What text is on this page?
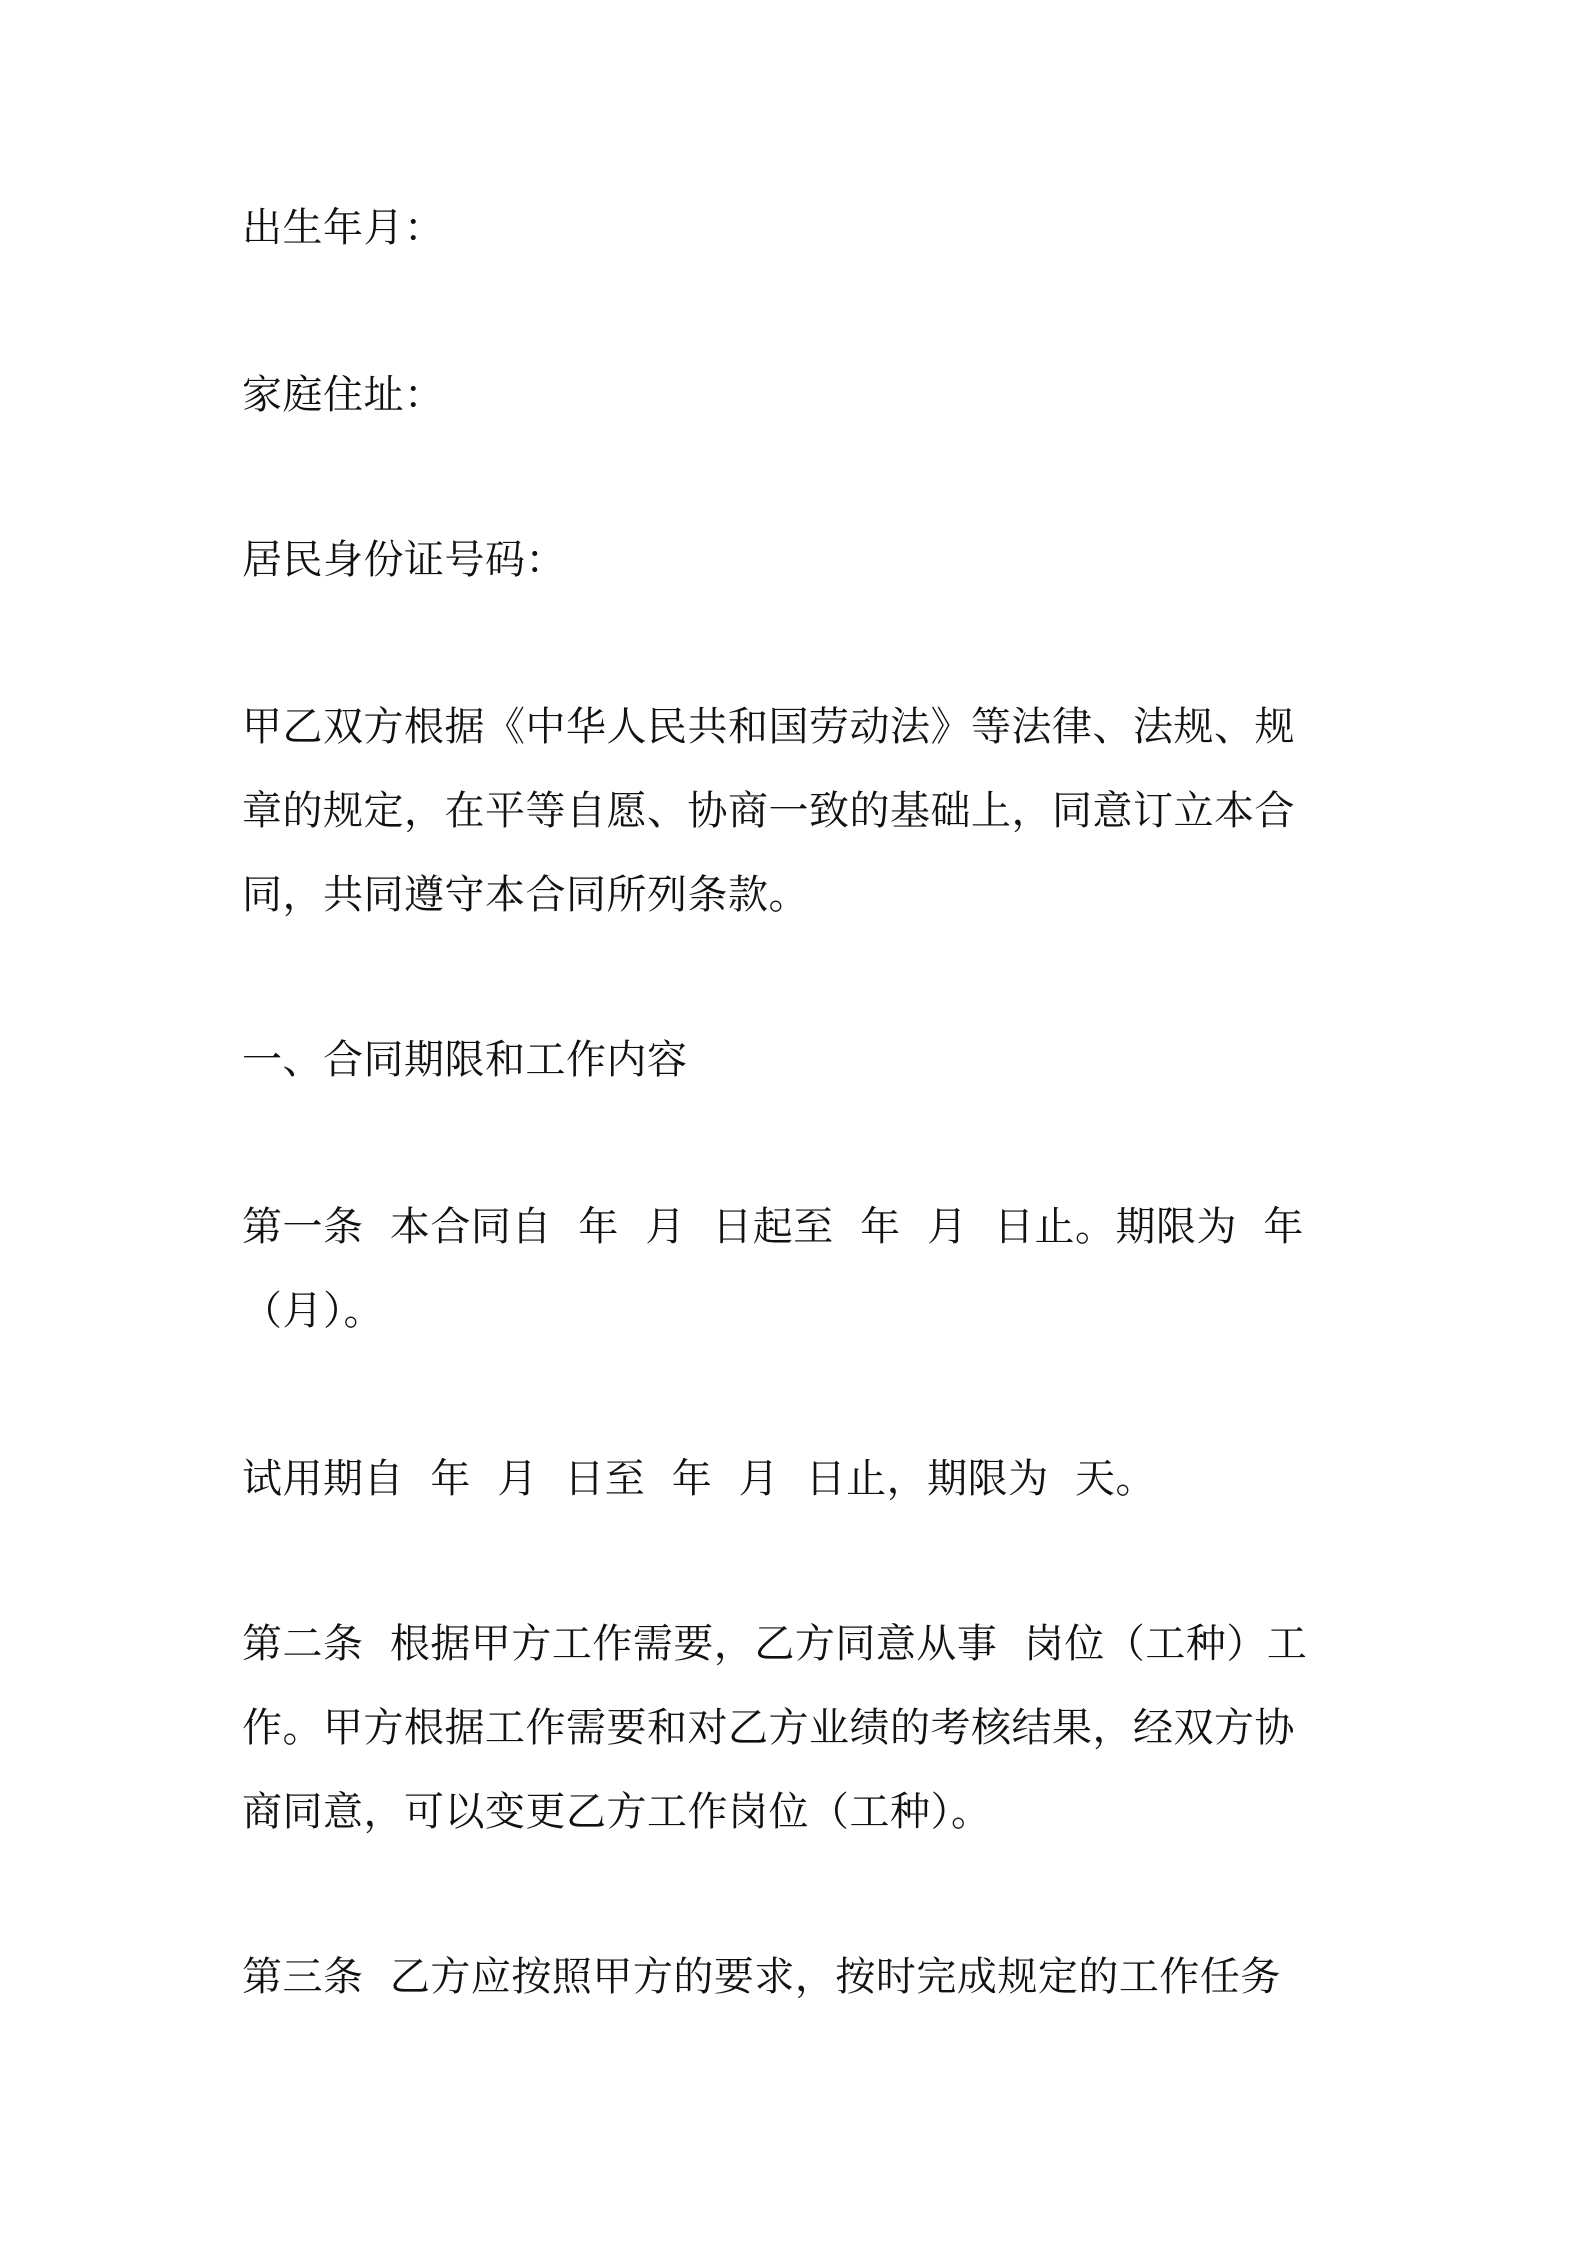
出生年月：

家庭住址：

居民身份证号码：

甲乙双方根据《中华人民共和国劳动法》等法律、法规、规
章的规定，在平等自愿、协商一致的基础上，同意订立本合
同，共同遵守本合同所列条款。

一、合同期限和工作内容

第一条  本合同自  年  月  日起至  年  月  日止。期限为  年
（月）。

试用期自  年  月  日至  年  月  日止，期限为  天。

第二条  根据甲方工作需要，乙方同意从事  岗位（工种）工
作。甲方根据工作需要和对乙方业绩的考核结果，经双方协
商同意，可以变更乙方工作岗位（工种）。

第三条  乙方应按照甲方的要求，按时完成规定的工作任务
